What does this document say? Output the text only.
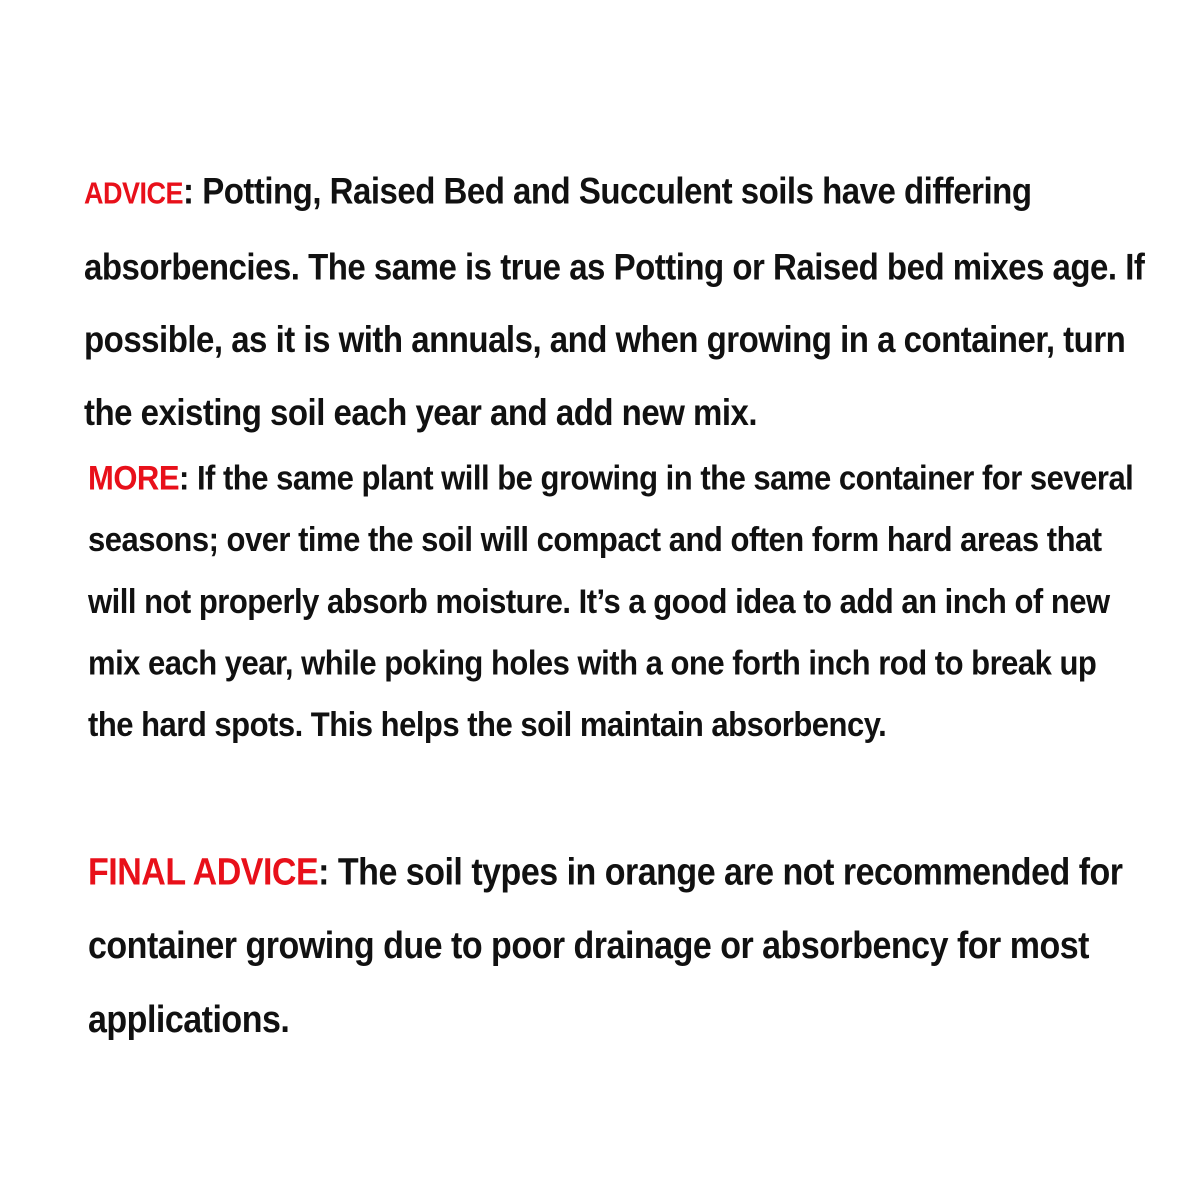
ADVICE: Potting, Raised Bed and Succulent soils have differing absorbencies. The same is true as Potting or Raised bed mixes age. If possible, as it is with annuals, and when growing in a container, turn the existing soil each year and add new mix.

MORE: If the same plant will be growing in the same container for several seasons; over time the soil will compact and often form hard areas that will not properly absorb moisture. It’s a good idea to add an inch of new mix each year, while poking holes with a one forth inch rod to break up the hard spots. This helps the soil maintain absorbency.

FINAL ADVICE: The soil types in orange are not recommended for container growing due to poor drainage or absorbency for most applications.
